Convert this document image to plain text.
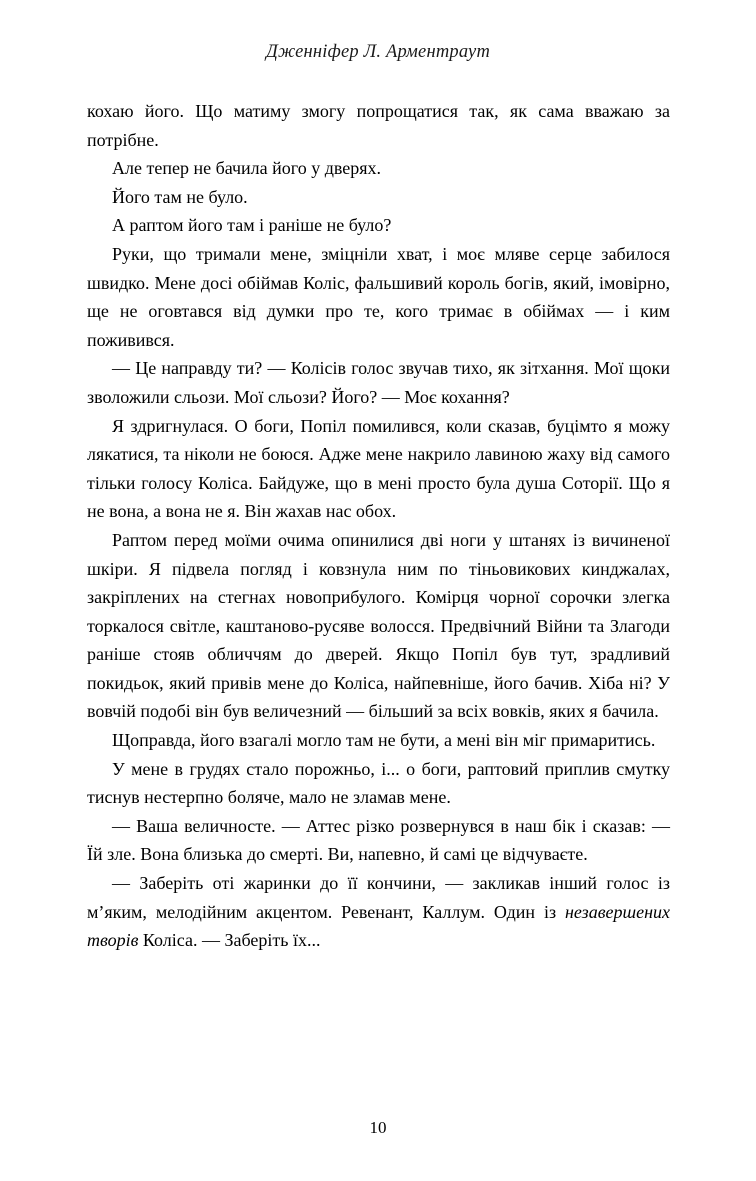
Дженніфер Л. Арментраут

кохаю його. Що матиму змогу попрощатися так, як сама вважаю за потрібне.

Але тепер не бачила його у дверях.

Його там не було.

А раптом його там і раніше не було?

Руки, що тримали мене, зміцніли хват, і моє мляве серце забилося швидко. Мене досі обіймав Коліс, фальшивий король богів, який, імовірно, ще не оговтався від думки про те, кого тримає в обіймах — і ким поживився.

— Це направду ти? — Колісів голос звучав тихо, як зітхання. Мої щоки зволожили сльози. Мої сльози? Його? — Моє кохання?

Я здригнулася. О боги, Попіл помилився, коли сказав, буцімто я можу лякатися, та ніколи не боюся. Адже мене накрило лавиною жаху від самого тільки голосу Коліса. Байдуже, що в мені просто була душа Соторії. Що я не вона, а вона не я. Він жахав нас обох.

Раптом перед моїми очима опинилися дві ноги у штанях із вичиненої шкіри. Я підвела погляд і ковзнула ним по тіньовикових кинджалах, закріплених на стегнах новоприбулого. Комірця чорної сорочки злегка торкалося світле, каштаново-русяве волосся. Предвічний Війни та Злагоди раніше стояв обличчям до дверей. Якщо Попіл був тут, зрадливий покидьок, який привів мене до Коліса, найпевніше, його бачив. Хіба ні? У вовчій подобі він був величезний — більший за всіх вовків, яких я бачила.

Щоправда, його взагалі могло там не бути, а мені він міг примаритись.

У мене в грудях стало порожньо, і... о боги, раптовий приплив смутку тиснув нестерпно боляче, мало не зламав мене.

— Ваша величносте. — Аттес різко розвернувся в наш бік і сказав: — Їй зле. Вона близька до смерті. Ви, напевно, й самі це відчуваєте.

— Заберіть оті жаринки до її кончини, — закликав інший голос із м’яким, мелодійним акцентом. Ревенант, Каллум. Один із незавершених творів Коліса. — Заберіть їх...

10
